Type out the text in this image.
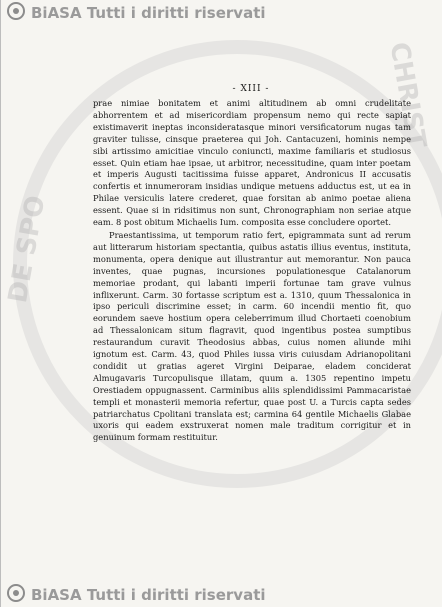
DE SPO
CHRIST
BiASA Tutti i diritti riservati
- XIII -

prae nimiae bonitatem et animi altitudinem ab omni crudelitate abhorrentem et ad misericordiam propensum nemo qui recte sapiat existimaverit ineptas inconsideratasque minori versificatorum nugas tam graviter tulisse, cinsque praeterea qui Joh. Cantacuzeni, hominis nempe sibi artissimo amicitiae vinculo coniuncti, maxime familiaris et studiosus esset. Quin etiam hae ipsae, ut arbitror, necessitudine, quam inter poetam et imperis Augusti tacitissima fuisse apparet, Andronicus II accusatis confertis et innumeroram insidias undique metuens adductus est, ut ea in Philae versiculis latere crederet, quae forsitan ab animo poetae aliena essent. Quae si in ridsitimus non sunt, Chronographiam non seriae atque eam. 8 post obitum Michaelis Ium. composita esse concludere oportet.

Praestantissima, ut temporum ratio fert, epigrammata sunt ad rerum aut litterarum historiam spectantia, quibus astatis illius eventus, instituta, monumenta, opera denique aut illustrantur aut memorantur. Non pauca inventes, quae pugnas, incursiones populationesque Catalanorum memoriae prodant, qui labanti imperii fortunae tam grave vulnus inflixerunt. Carm. 30 fortasse scriptum est a. 1310, quum Thessalonica in ipso periculi discrimine esset; in carm. 60 incendii mentio fit, quo eorundem saeve hostium opera celeberrimum illud Chortaeti coenobium ad Thessalonicam situm flagravit, quod ingentibus postea sumptibus restaurandum curavit Theodosius abbas, cuius nomen aliunde mihi ignotum est. Carm. 43, quod Philes iussa viris cuiusdam Adrianopolitani condidit ut gratias ageret Virgini Deiparae, eladem conciderat Almugavaris Turcopulisque illatam, quum a. 1305 repentino impetu Orestiadem oppugnassent. Carminibus aliis splendidissimi Pammacaristae templi et monasterii memoria refertur, quae post U. a Turcis capta sedes patriarchatus Cpolitani translata est; carmina 64 gentile Michaelis Glabae uxoris qui eadem exstruxerat nomen male traditum corrigitur et in genuinum formam restituitur.

BiASA Tutti i diritti riservati
